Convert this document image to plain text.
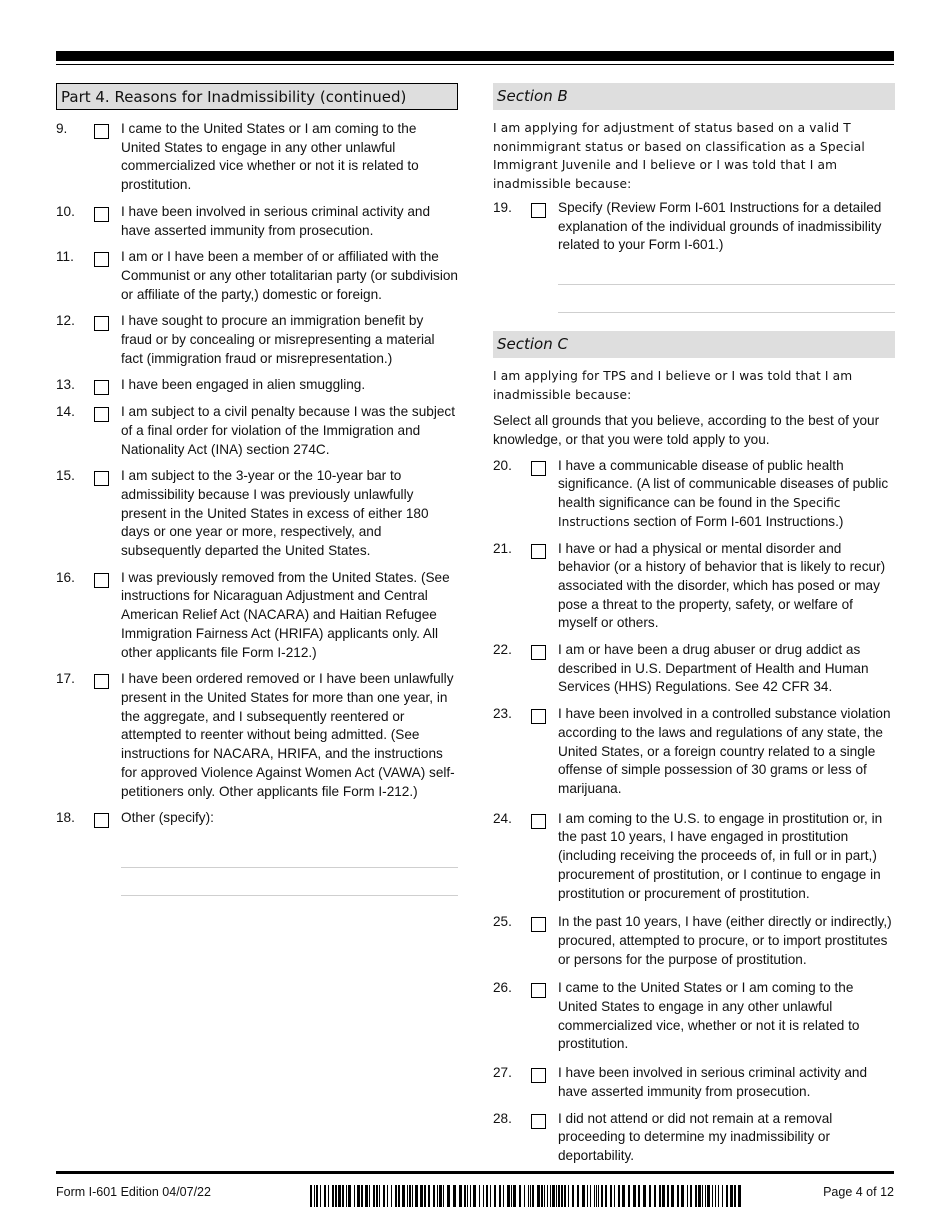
Part 4. Reasons for Inadmissibility (continued)
9.	I came to the United States or I am coming to the United States to engage in any other unlawful commercialized vice whether or not it is related to prostitution.
10.	I have been involved in serious criminal activity and have asserted immunity from prosecution.
11.	I am or I have been a member of or affiliated with the Communist or any other totalitarian party (or subdivision or affiliate of the party,) domestic or foreign.
12.	I have sought to procure an immigration benefit by fraud or by concealing or misrepresenting a material fact (immigration fraud or misrepresentation.)
13.	I have been engaged in alien smuggling.
14.	I am subject to a civil penalty because I was the subject of a final order for violation of the Immigration and Nationality Act (INA) section 274C.
15.	I am subject to the 3-year or the 10-year bar to admissibility because I was previously unlawfully present in the United States in excess of either 180 days or one year or more, respectively, and subsequently departed the United States.
16.	I was previously removed from the United States. (See instructions for Nicaraguan Adjustment and Central American Relief Act (NACARA) and Haitian Refugee Immigration Fairness Act (HRIFA) applicants only. All other applicants file Form I-212.)
17.	I have been ordered removed or I have been unlawfully present in the United States for more than one year, in the aggregate, and I subsequently reentered or attempted to reenter without being admitted. (See instructions for NACARA, HRIFA, and the instructions for approved Violence Against Women Act (VAWA) self-petitioners only. Other applicants file Form I-212.)
18.	Other (specify):
Section B
I am applying for adjustment of status based on a valid T nonimmigrant status or based on classification as a Special Immigrant Juvenile and I believe or I was told that I am inadmissible because:
19.	Specify (Review Form I-601 Instructions for a detailed explanation of the individual grounds of inadmissibility related to your Form I-601.)
Section C
I am applying for TPS and I believe or I was told that I am inadmissible because:
Select all grounds that you believe, according to the best of your knowledge, or that you were told apply to you.
20.	I have a communicable disease of public health significance. (A list of communicable diseases of public health significance can be found in the Specific Instructions section of Form I-601 Instructions.)
21.	I have or had a physical or mental disorder and behavior (or a history of behavior that is likely to recur) associated with the disorder, which has posed or may pose a threat to the property, safety, or welfare of myself or others.
22.	I am or have been a drug abuser or drug addict as described in U.S. Department of Health and Human Services (HHS) Regulations. See 42 CFR 34.
23.	I have been involved in a controlled substance violation according to the laws and regulations of any state, the United States, or a foreign country related to a single offense of simple possession of 30 grams or less of marijuana.
24.	I am coming to the U.S. to engage in prostitution or, in the past 10 years, I have engaged in prostitution (including receiving the proceeds of, in full or in part,) procurement of prostitution, or I continue to engage in prostitution or procurement of prostitution.
25.	In the past 10 years, I have (either directly or indirectly,) procured, attempted to procure, or to import prostitutes or persons for the purpose of prostitution.
26.	I came to the United States or I am coming to the United States to engage in any other unlawful commercialized vice, whether or not it is related to prostitution.
27.	I have been involved in serious criminal activity and have asserted immunity from prosecution.
28.	I did not attend or did not remain at a removal proceeding to determine my inadmissibility or deportability.
Form I-601 Edition 04/07/22	Page 4 of 12
